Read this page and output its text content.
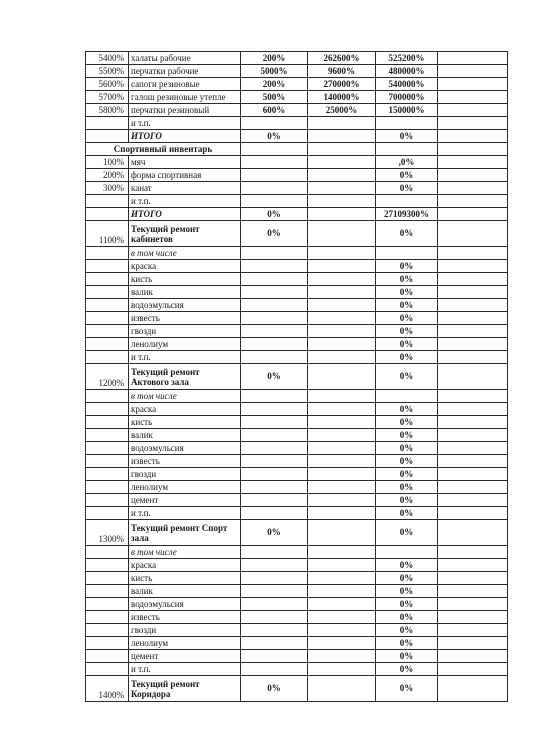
5400%	халаты рабочие	200%	262600%	525200%	
5500%	перчатки рабочие	5000%	9600%	480000%	
5600%	сапоги резиновые	200%	270000%	540000%	
5700%	галош резиновые утепле	500%	140000%	700000%	
5800%	перчатки резиновый	600%	25000%	150000%	
	и т.п.				
	ИТОГО	0%		0%	
Спортивный инвентарь					
100%	мяч			,0%	
200%	форма спортивная			0%	
300%	канат			0%	
	и т.п.				
	ИТОГО	0%		27109300%	
1100%	Текущий ремонт кабинетов	0%		0%	
	в том числе				
	краска			0%	
	кисть			0%	
	валик			0%	
	водоэмульсия			0%	
	известь			0%	
	гвозди			0%	
	ленолиум			0%	
	и т.п.			0%	
1200%	Текущий ремонт Актового зала	0%		0%	
	в том числе				
	краска			0%	
	кисть			0%	
	валик			0%	
	водоэмульсия			0%	
	известь			0%	
	гвозди			0%	
	ленолиум			0%	
	цемент			0%	
	и т.п.			0%	
1300%	Текущий ремонт Спорт зала	0%		0%	
	в том числе				
	краска			0%	
	кисть			0%	
	валик			0%	
	водоэмульсия			0%	
	известь			0%	
	гвозди			0%	
	ленолиум			0%	
	цемент			0%	
	и т.п.			0%	
1400%	Текущий ремонт Коридора	0%		0%	
